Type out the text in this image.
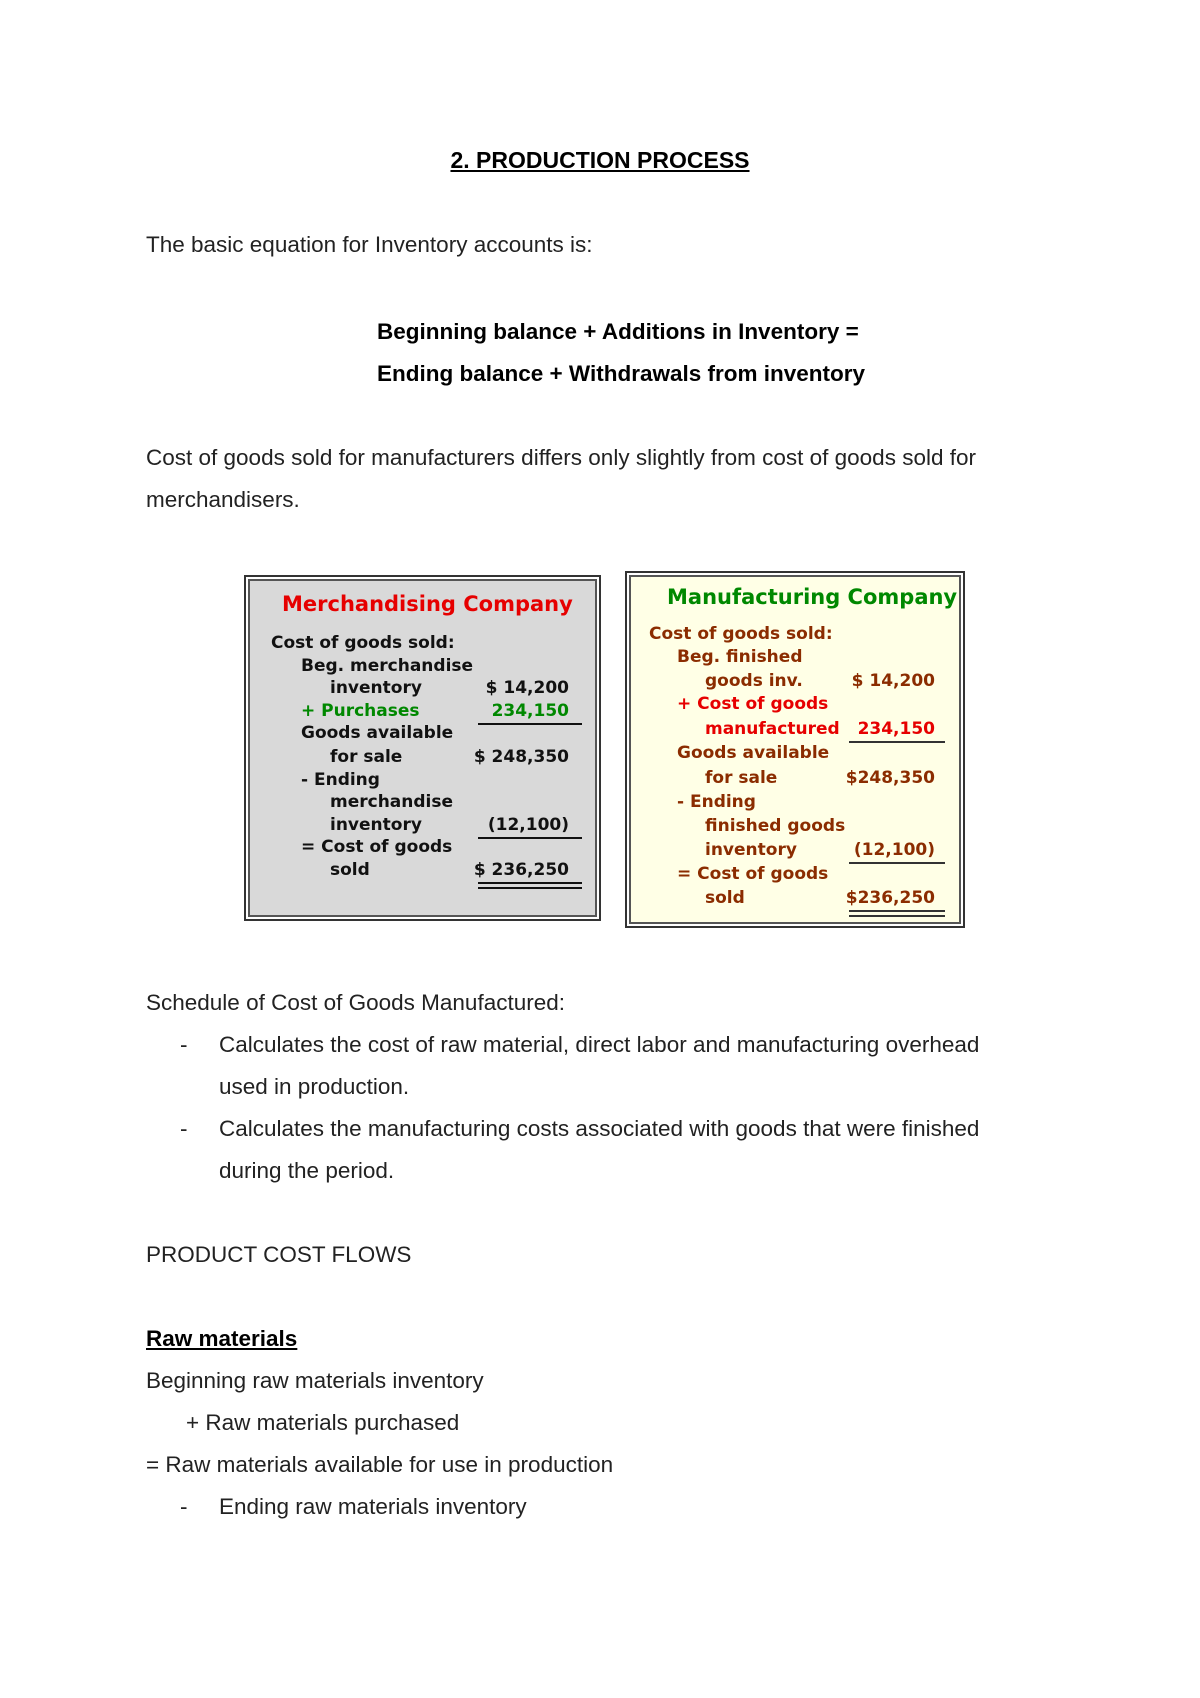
2. PRODUCTION PROCESS
The basic equation for Inventory accounts is:
Beginning balance + Additions in Inventory =
Ending balance + Withdrawals from inventory
Cost of goods sold for manufacturers differs only slightly from cost of goods sold for
merchandisers.
Merchandising Company
Cost of goods sold:
Beg. merchandise
inventory	$ 14,200
+ Purchases	234,150
Goods available
for sale	$ 248,350
- Ending
merchandise
inventory	(12,100)
= Cost of goods
sold	$ 236,250
Manufacturing Company
Cost of goods sold:
Beg. finished
goods inv.	$ 14,200
+ Cost of goods
manufactured 234,150
Goods available
for sale	$248,350
- Ending
finished goods
inventory	(12,100)
= Cost of goods
sold	$236,250
Schedule of Cost of Goods Manufactured:
- Calculates the cost of raw material, direct labor and manufacturing overhead
used in production.
- Calculates the manufacturing costs associated with goods that were finished
during the period.
PRODUCT COST FLOWS
Raw materials
Beginning raw materials inventory
+ Raw materials purchased
= Raw materials available for use in production
- Ending raw materials inventory
